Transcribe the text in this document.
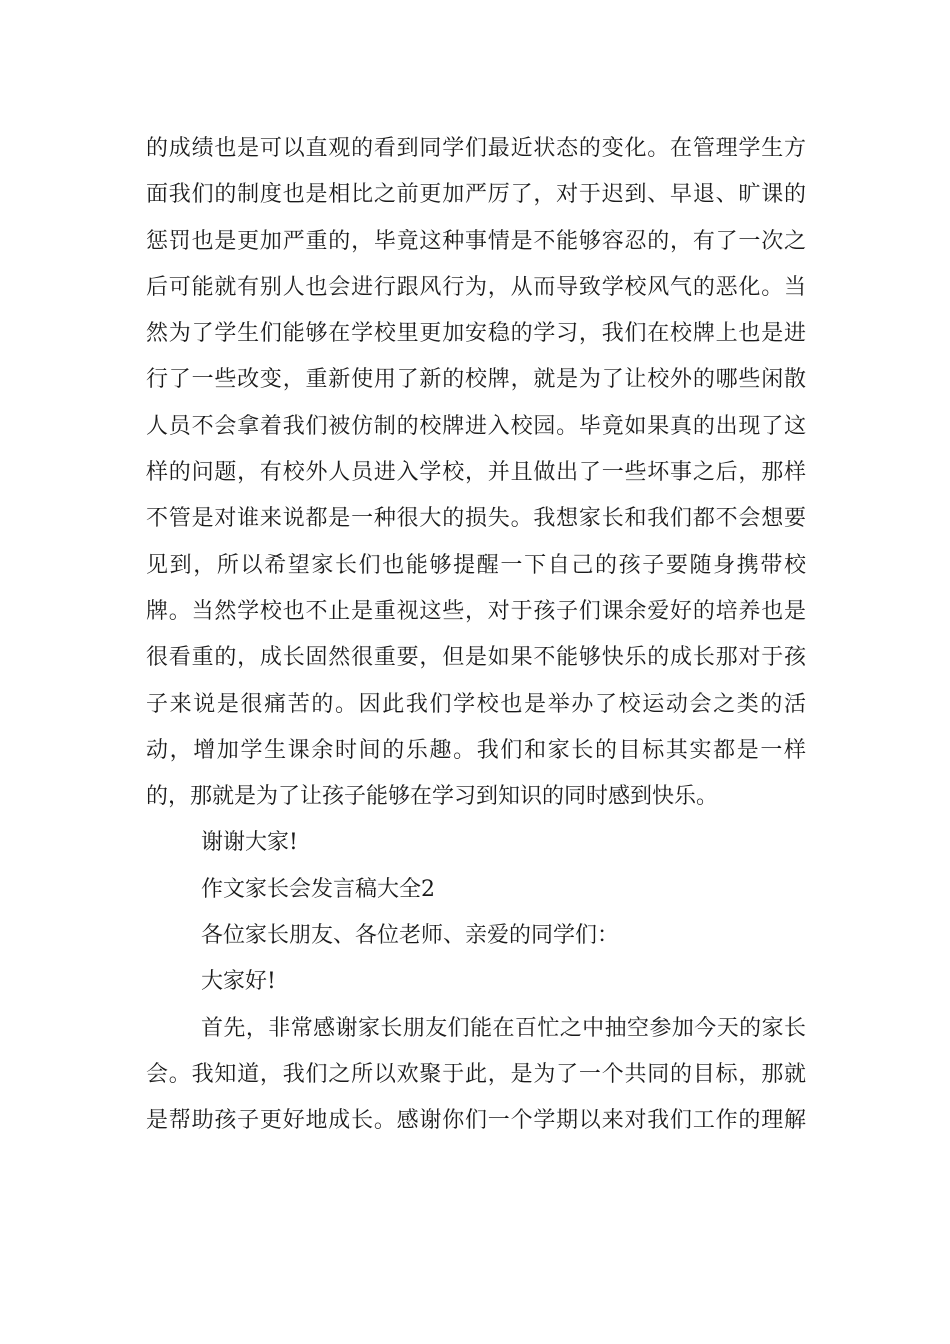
的成绩也是可以直观的看到同学们最近状态的变化。在管理学生方
面我们的制度也是相比之前更加严厉了，对于迟到、早退、旷课的
惩罚也是更加严重的，毕竟这种事情是不能够容忍的，有了一次之
后可能就有别人也会进行跟风行为，从而导致学校风气的恶化。当
然为了学生们能够在学校里更加安稳的学习，我们在校牌上也是进
行了一些改变，重新使用了新的校牌，就是为了让校外的哪些闲散
人员不会拿着我们被仿制的校牌进入校园。毕竟如果真的出现了这
样的问题，有校外人员进入学校，并且做出了一些坏事之后，那样
不管是对谁来说都是一种很大的损失。我想家长和我们都不会想要
见到，所以希望家长们也能够提醒一下自己的孩子要随身携带校
牌。当然学校也不止是重视这些，对于孩子们课余爱好的培养也是
很看重的，成长固然很重要，但是如果不能够快乐的成长那对于孩
子来说是很痛苦的。因此我们学校也是举办了校运动会之类的活
动，增加学生课余时间的乐趣。我们和家长的目标其实都是一样
的，那就是为了让孩子能够在学习到知识的同时感到快乐。
谢谢大家!
作文家长会发言稿大全2
各位家长朋友、各位老师、亲爱的同学们：
大家好!
首先，非常感谢家长朋友们能在百忙之中抽空参加今天的家长
会。我知道，我们之所以欢聚于此，是为了一个共同的目标，那就
是帮助孩子更好地成长。感谢你们一个学期以来对我们工作的理解
